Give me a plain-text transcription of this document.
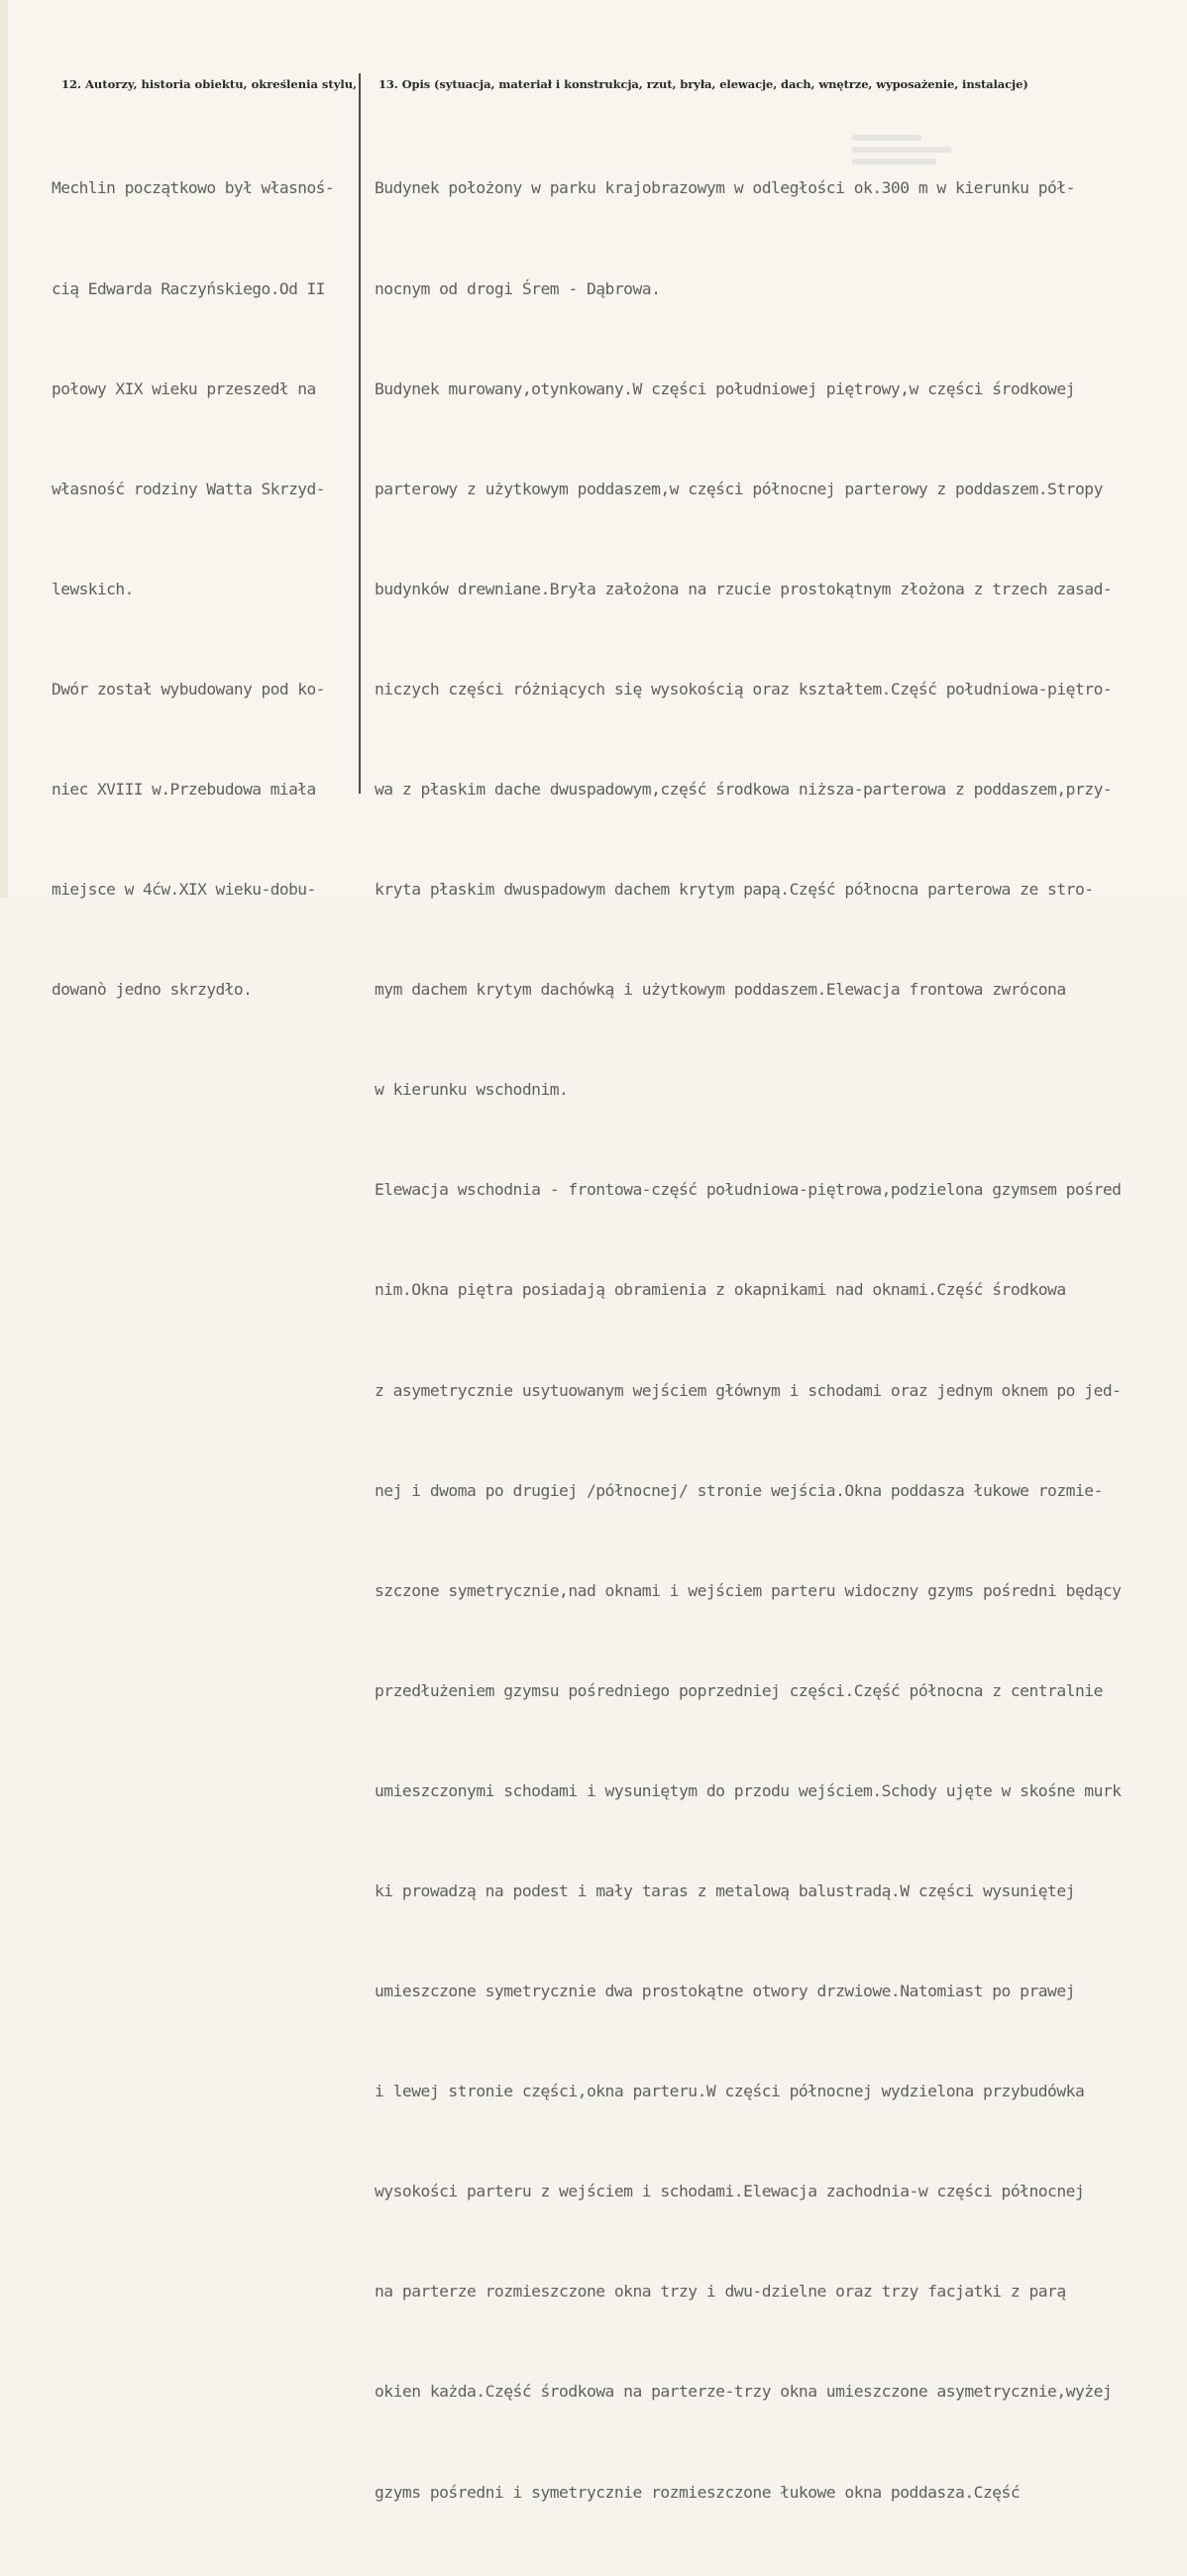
12. Autorzy, historia obiektu, określenia stylu, 13. Opis (sytuacja, materiał i konstrukcja, rzut, bryła, elewacje, dach, wnętrze, wyposażenie, instalacje)

Mechlin początkowo był własnoś-

cią Edwarda Raczyńskiego.Od II

połowy XIX wieku przeszedł na

własność rodziny Watta Skrzyd-

lewskich.

Dwór został wybudowany pod ko-

niec XVIII w.Przebudowa miała

miejsce w 4ćw.XIX wieku-dobu-

dowanò jedno skrzydło.

Budynek położony w parku krajobrazowym w odległości ok.300 m w kierunku pół-

nocnym od drogi Śrem - Dąbrowa.

Budynek murowany,otynkowany.W części południowej piętrowy,w części środkowej

parterowy z użytkowym poddaszem,w części północnej parterowy z poddaszem.Stropy

budynków drewniane.Bryła założona na rzucie prostokątnym złożona z trzech zasad-

niczych części różniących się wysokością oraz kształtem.Część południowa-piętro-

wa z płaskim dache dwuspadowym,część środkowa niższa-parterowa z poddaszem,przy-

kryta płaskim dwuspadowym dachem krytym papą.Część północna parterowa ze stro-

mym dachem krytym dachówką i użytkowym poddaszem.Elewacja frontowa zwrócona

w kierunku wschodnim.

Elewacja wschodnia - frontowa-część południowa-piętrowa,podzielona gzymsem pośred

nim.Okna piętra posiadają obramienia z okapnikami nad oknami.Część środkowa

z asymetrycznie usytuowanym wejściem głównym i schodami oraz jednym oknem po jed-

nej i dwoma po drugiej /północnej/ stronie wejścia.Okna poddasza łukowe rozmie-

szczone symetrycznie,nad oknami i wejściem parteru widoczny gzyms pośredni będący

przedłużeniem gzymsu pośredniego poprzedniej części.Część północna z centralnie

umieszczonymi schodami i wysuniętym do przodu wejściem.Schody ujęte w skośne murk

ki prowadzą na podest i mały taras z metalową balustradą.W części wysuniętej

umieszczone symetrycznie dwa prostokątne otwory drzwiowe.Natomiast po prawej

i lewej stronie części,okna parteru.W części północnej wydzielona przybudówka

wysokości parteru z wejściem i schodami.Elewacja zachodnia-w części północnej

na parterze rozmieszczone okna trzy i dwu-dzielne oraz trzy facjatki z parą

okien każda.Część środkowa na parterze-trzy okna umieszczone asymetrycznie,wyżej

gzyms pośredni i symetrycznie rozmieszczone łukowe okna poddasza.Część
